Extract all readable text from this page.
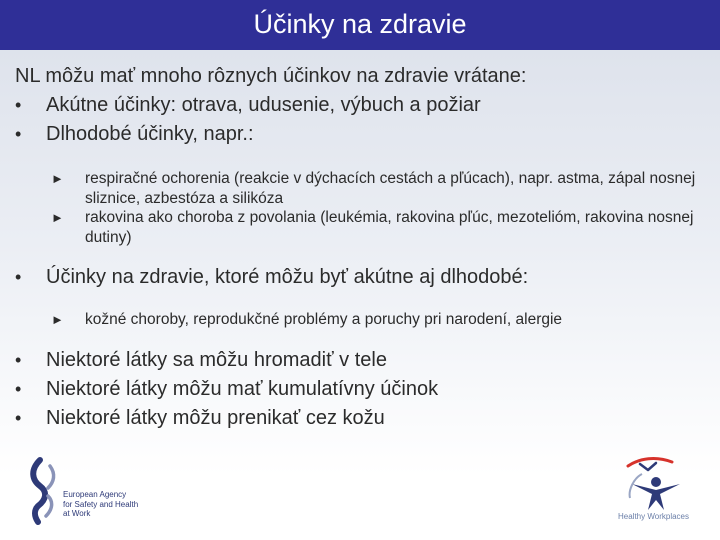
Účinky na zdravie

NL môžu mať mnoho rôznych účinkov na zdravie vrátane:

• Akútne účinky: otrava, udusenie, výbuch a požiar
• Dlhodobé účinky, napr.:
► respiračné ochorenia (reakcie v dýchacích cestách a pľúcach), napr. astma, zápal nosnej sliznice, azbestóza a silikóza
► rakovina ako choroba z povolania (leukémia, rakovina pľúc, mezotelióm, rakovina nosnej dutiny)
• Účinky na zdravie, ktoré môžu byť akútne aj dlhodobé:
► kožné choroby, reprodukčné problémy a poruchy pri narodení, alergie
• Niektoré látky sa môžu hromadiť v tele
• Niektoré látky môžu mať kumulatívny účinok
• Niektoré látky môžu prenikať cez kožu
European Agency
for Safety and Health
at Work	Healthy Workplaces
